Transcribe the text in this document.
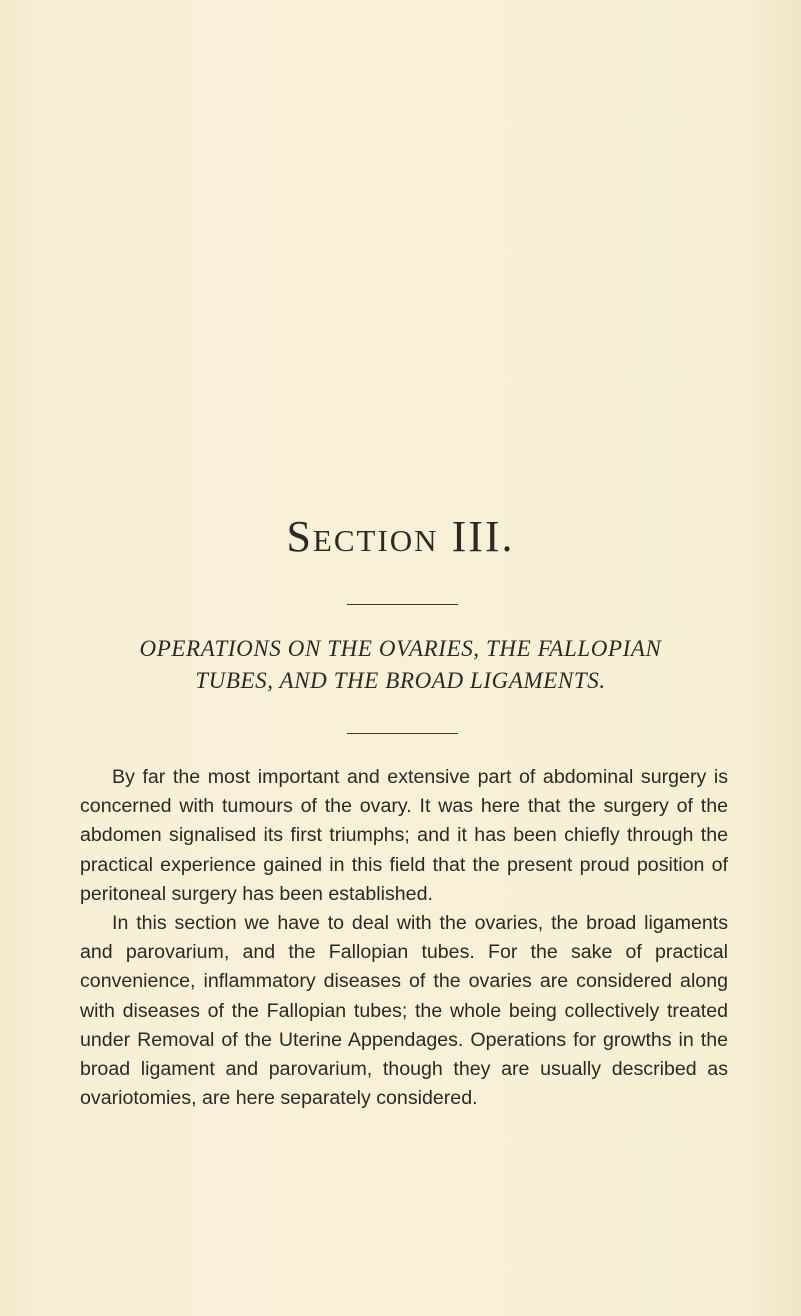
Section III.
OPERATIONS ON THE OVARIES, THE FALLOPIAN
TUBES, AND THE BROAD LIGAMENTS.

By far the most important and extensive part of abdominal surgery is concerned with tumours of the ovary. It was here that the surgery of the abdomen signalised its first triumphs; and it has been chiefly through the practical experience gained in this field that the present proud position of peritoneal surgery has been established.

In this section we have to deal with the ovaries, the broad ligaments and parovarium, and the Fallopian tubes. For the sake of practical convenience, inflammatory diseases of the ovaries are considered along with diseases of the Fallopian tubes; the whole being collectively treated under Removal of the Uterine Appendages. Operations for growths in the broad ligament and parovarium, though they are usually described as ovariotomies, are here separately considered.
